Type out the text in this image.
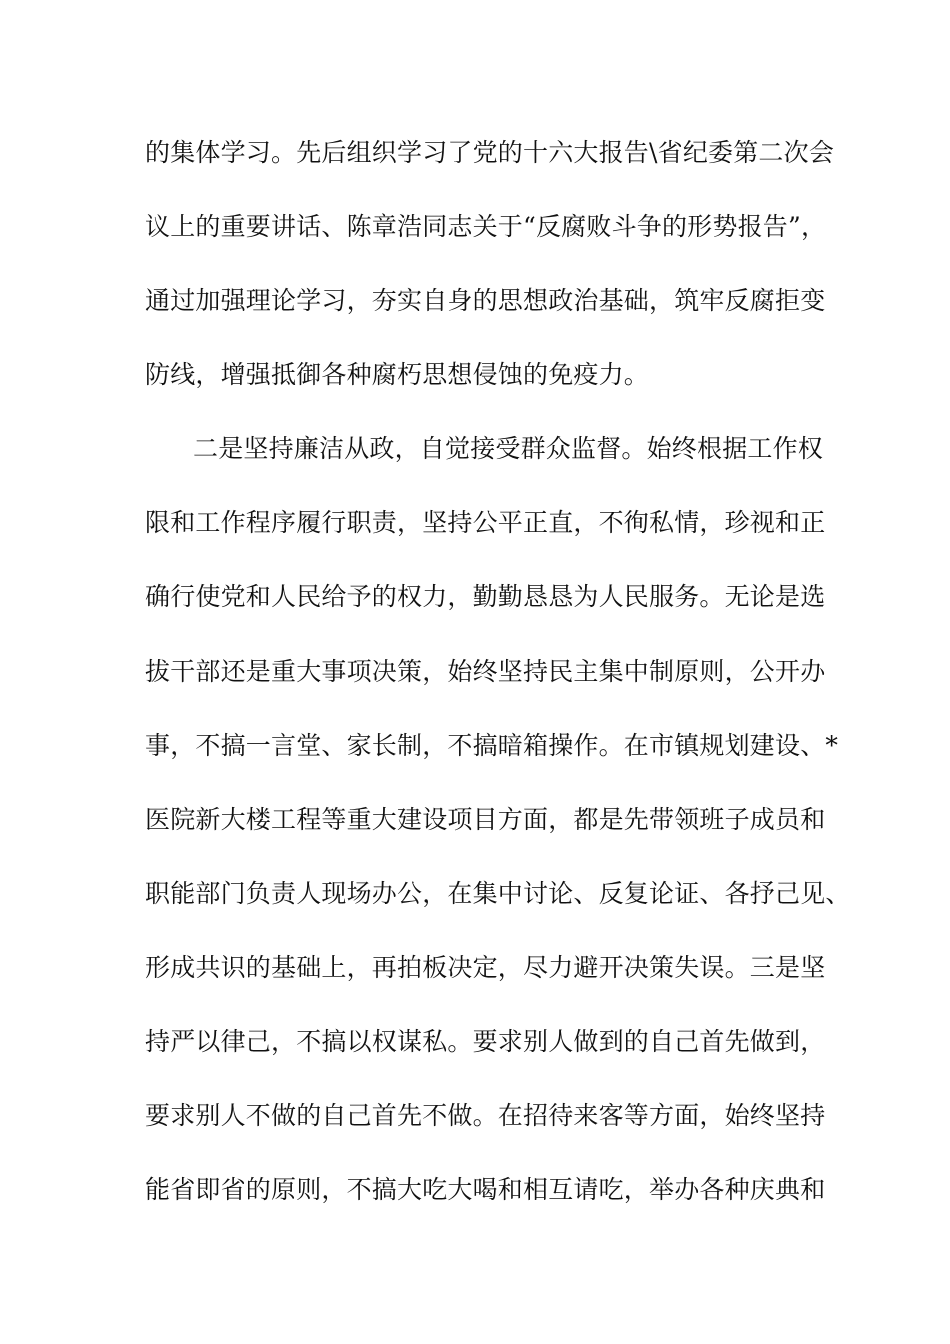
的集体学习。先后组织学习了党的十六大报告\省纪委第二次会

议上的重要讲话、陈章浩同志关于“反腐败斗争的形势报告”，

通过加强理论学习，夯实自身的思想政治基础，筑牢反腐拒变

防线，增强抵御各种腐朽思想侵蚀的免疫力。

二是坚持廉洁从政，自觉接受群众监督。始终根据工作权

限和工作程序履行职责，坚持公平正直，不徇私情，珍视和正

确行使党和人民给予的权力，勤勤恳恳为人民服务。无论是选

拔干部还是重大事项决策，始终坚持民主集中制原则，公开办

事，不搞一言堂、家长制，不搞暗箱操作。在市镇规划建设、*

医院新大楼工程等重大建设项目方面，都是先带领班子成员和

职能部门负责人现场办公，在集中讨论、反复论证、各抒己见、

形成共识的基础上，再拍板决定，尽力避开决策失误。三是坚

持严以律己，不搞以权谋私。要求别人做到的自己首先做到，

要求别人不做的自己首先不做。在招待来客等方面，始终坚持

能省即省的原则，不搞大吃大喝和相互请吃，举办各种庆典和
